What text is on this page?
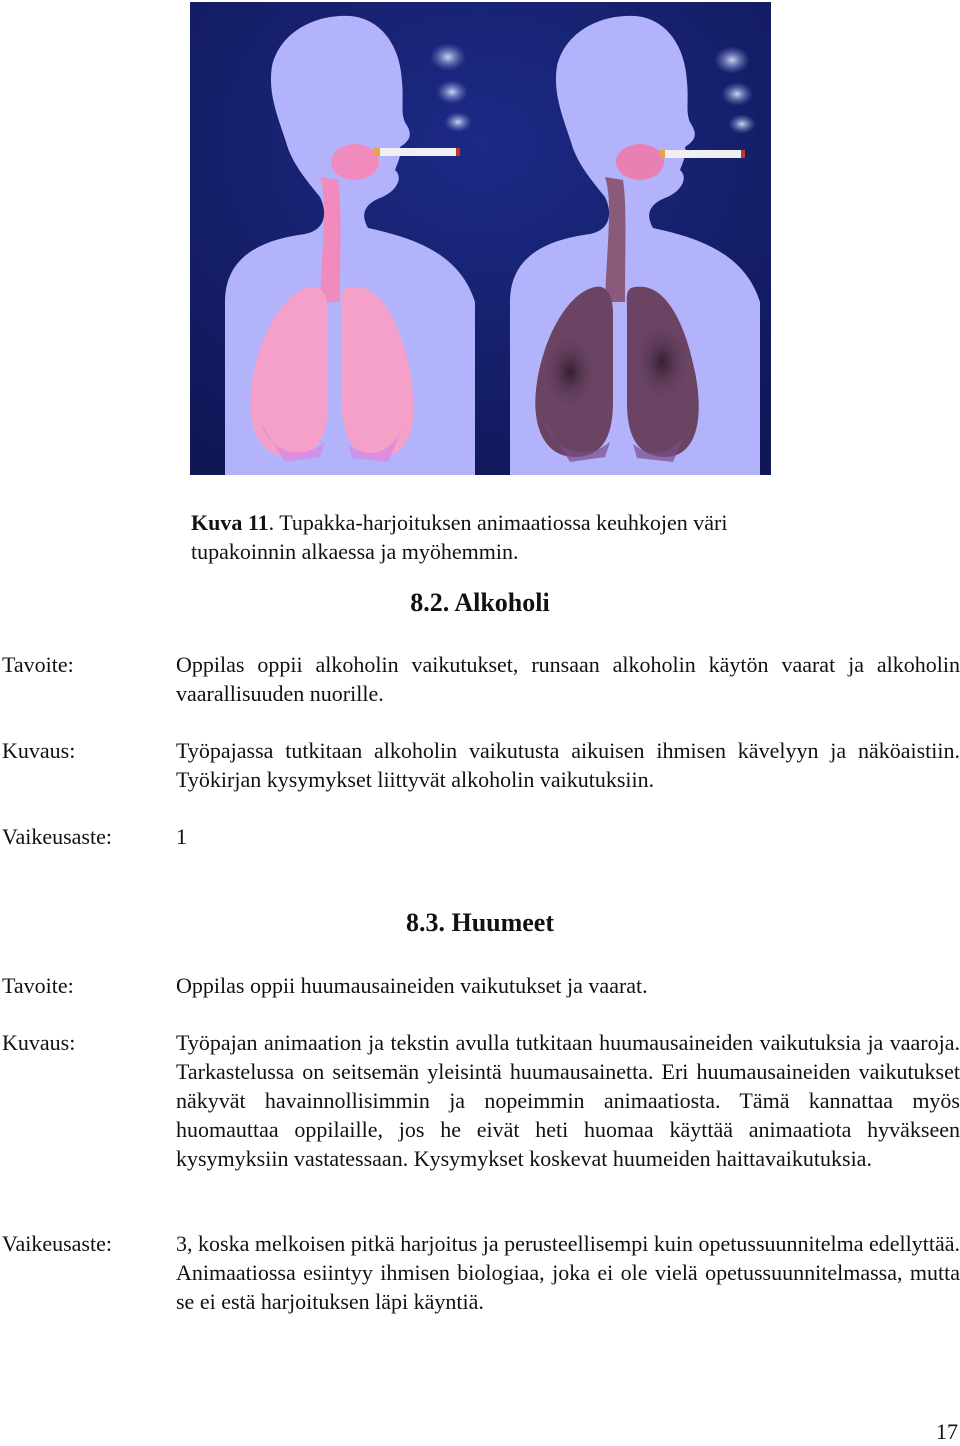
Kuva 11. Tupakka-harjoituksen animaatiossa keuhkojen väri tupakoinnin alkaessa ja myöhemmin.
8.2. Alkoholi
Tavoite:	Oppilas oppii alkoholin vaikutukset, runsaan alkoholin käytön vaarat ja alkoholin vaarallisuuden nuorille.
Kuvaus:	Työpajassa tutkitaan alkoholin vaikutusta aikuisen ihmisen kävelyyn ja näköaistiin. Työkirjan kysymykset liittyvät alkoholin vaikutuksiin.
Vaikeusaste:	1
8.3. Huumeet
Tavoite:	Oppilas oppii huumausaineiden vaikutukset ja vaarat.
Kuvaus:	Työpajan animaation ja tekstin avulla tutkitaan huumausaineiden vaikutuksia ja vaaroja. Tarkastelussa on seitsemän yleisintä huumausainetta. Eri huumausaineiden vaikutukset näkyvät havainnollisimmin ja nopeimmin animaatiosta. Tämä kannattaa myös huomauttaa oppilaille, jos he eivät heti huomaa käyttää animaatiota hyväkseen kysymyksiin vastatessaan. Kysymykset koskevat huumeiden haittavaikutuksia.
Vaikeusaste:	3, koska melkoisen pitkä harjoitus ja perusteellisempi kuin opetussuunnitelma edellyttää. Animaatiossa esiintyy ihmisen biologiaa, joka ei ole vielä opetussuunnitelmassa, mutta se ei estä harjoituksen läpi käyntiä.
17
